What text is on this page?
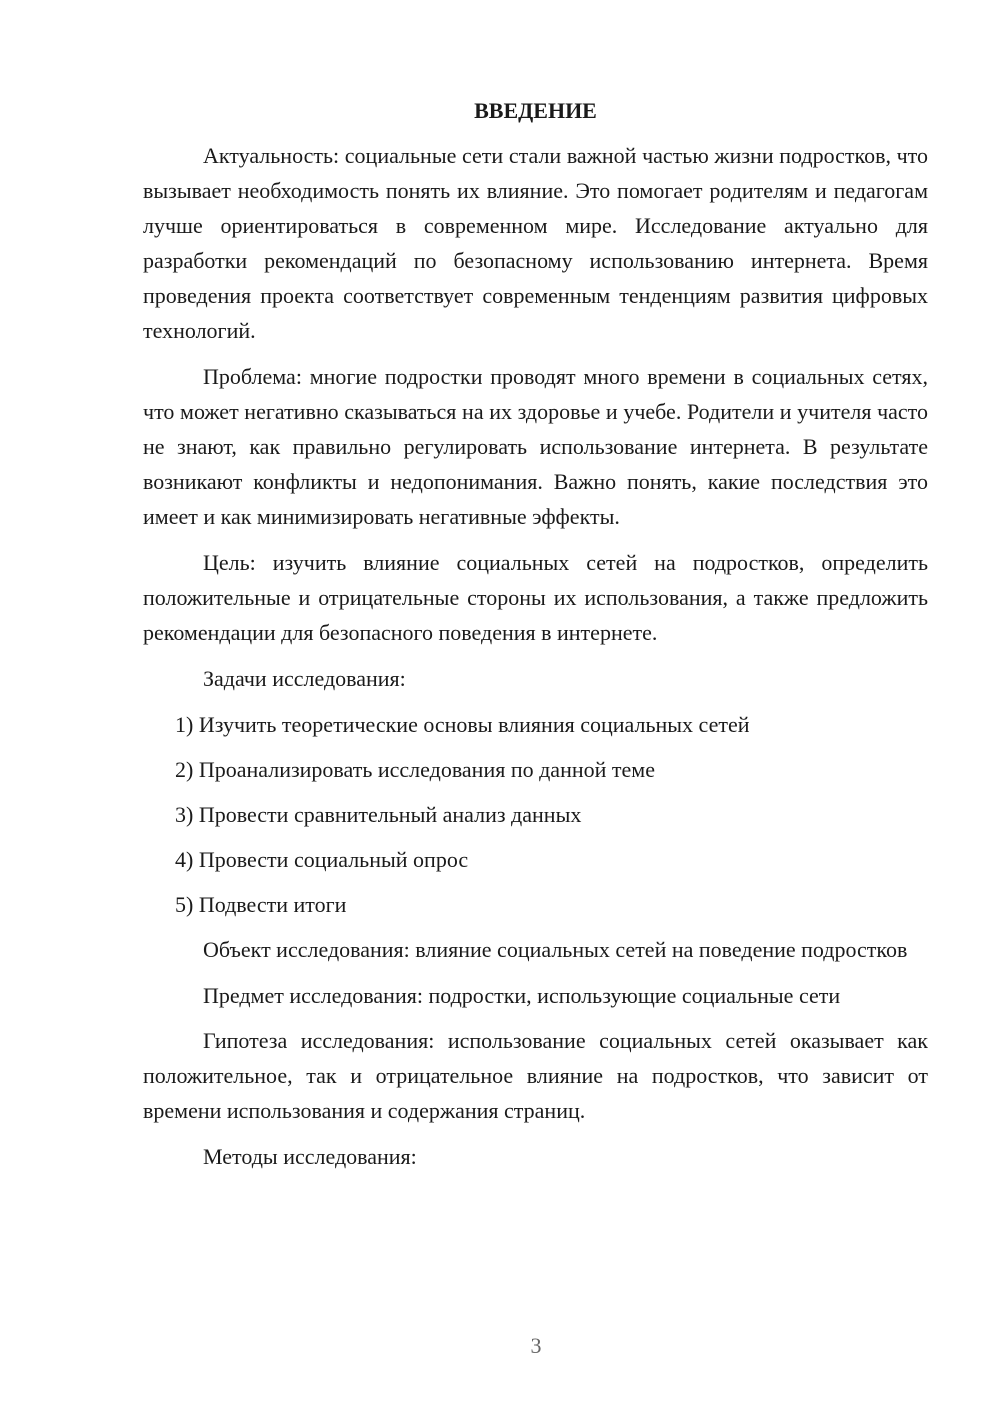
ВВЕДЕНИЕ

Актуальность: социальные сети стали важной частью жизни подростков, что вызывает необходимость понять их влияние. Это помогает родителям и педагогам лучше ориентироваться в современном мире. Исследование актуально для разработки рекомендаций по безопасному использованию интернета. Время проведения проекта соответствует современным тенденциям развития цифровых технологий.

Проблема: многие подростки проводят много времени в социальных сетях, что может негативно сказываться на их здоровье и учебе. Родители и учителя часто не знают, как правильно регулировать использование интернета. В результате возникают конфликты и недопонимания. Важно понять, какие последствия это имеет и как минимизировать негативные эффекты.

Цель: изучить влияние социальных сетей на подростков, определить положительные и отрицательные стороны их использования, а также предложить рекомендации для безопасного поведения в интернете.

Задачи исследования:

1) Изучить теоретические основы влияния социальных сетей
2) Проанализировать исследования по данной теме
3) Провести сравнительный анализ данных
4) Провести социальный опрос
5) Подвести итоги

Объект исследования: влияние социальных сетей на поведение подростков

Предмет исследования: подростки, использующие социальные сети

Гипотеза исследования: использование социальных сетей оказывает как положительное, так и отрицательное влияние на подростков, что зависит от времени использования и содержания страниц.

Методы исследования:

3
